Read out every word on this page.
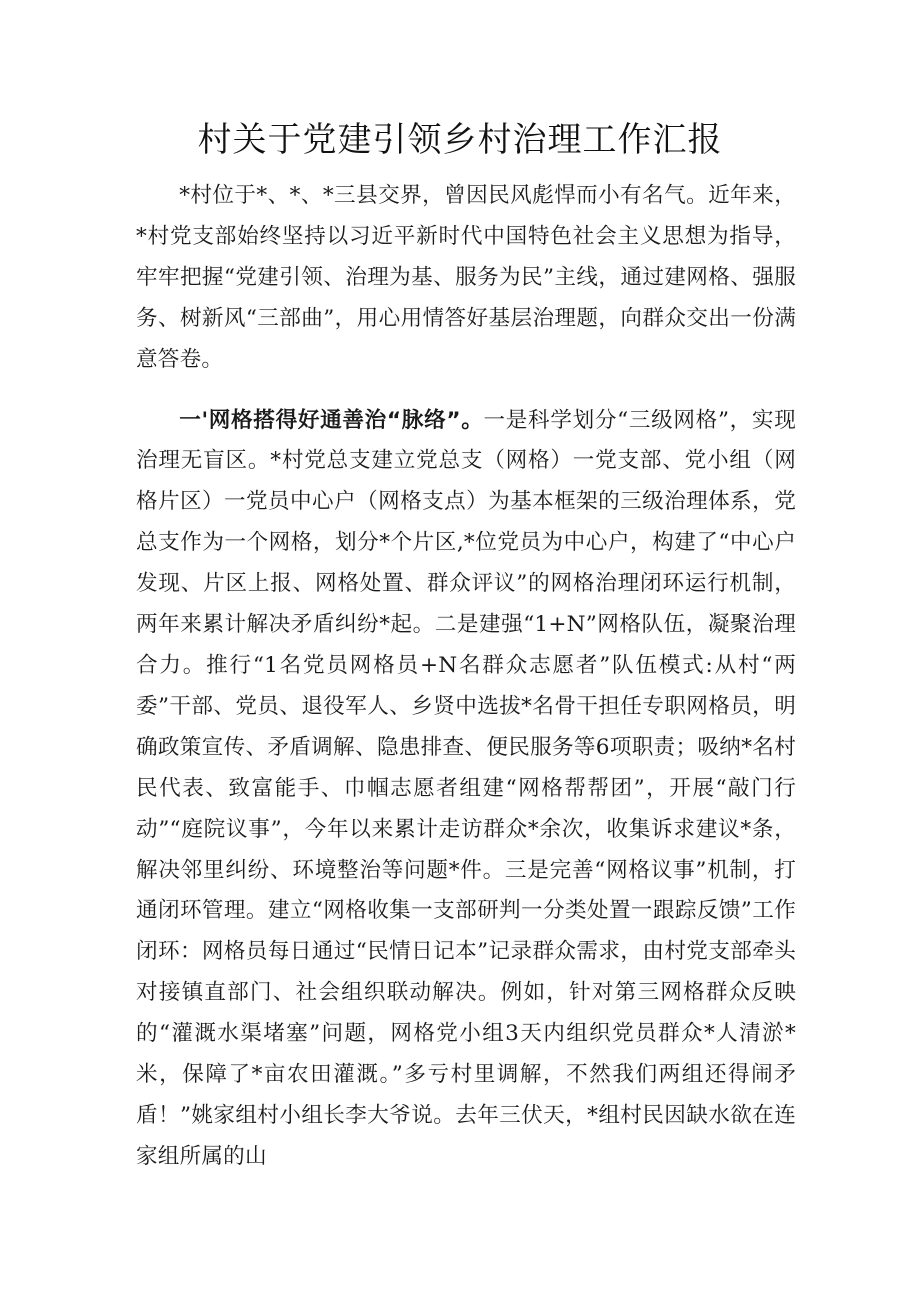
村关于党建引领乡村治理工作汇报

*村位于*、*、*三县交界，曾因民风彪悍而小有名气。近年来，*村党支部始终坚持以习近平新时代中国特色社会主义思想为指导，牢牢把握“党建引领、治理为基、服务为民”主线，通过建网格、强服务、树新风“三部曲”，用心用情答好基层治理题，向群众交出一份满意答卷。

一'网格搭得好通善治“脉络”。一是科学划分“三级网格”，实现治理无盲区。*村党总支建立党总支（网格）一党支部、党小组（网格片区）一党员中心户（网格支点）为基本框架的三级治理体系，党总支作为一个网格，划分*个片区,*位党员为中心户，构建了“中心户发现、片区上报、网格处置、群众评议”的网格治理闭环运行机制，两年来累计解决矛盾纠纷*起。二是建强“1+N”网格队伍，凝聚治理合力。推行“1名党员网格员+N名群众志愿者”队伍模式:从村“两委”干部、党员、退役军人、乡贤中选拔*名骨干担任专职网格员，明确政策宣传、矛盾调解、隐患排查、便民服务等6项职责；吸纳*名村民代表、致富能手、巾帼志愿者组建“网格帮帮团”，开展“敲门行动”“庭院议事”，今年以来累计走访群众*余次，收集诉求建议*条，解决邻里纠纷、环境整治等问题*件。三是完善“网格议事”机制，打通闭环管理。建立“网格收集一支部研判一分类处置一跟踪反馈”工作闭环：网格员每日通过“民情日记本”记录群众需求，由村党支部牵头对接镇直部门、社会组织联动解决。例如，针对第三网格群众反映的“灌溉水渠堵塞”问题，网格党小组3天内组织党员群众*人清淤*米，保障了*亩农田灌溉。”多亏村里调解，不然我们两组还得闹矛盾！”姚家组村小组长李大爷说。去年三伏天，*组村民因缺水欲在连家组所属的山
